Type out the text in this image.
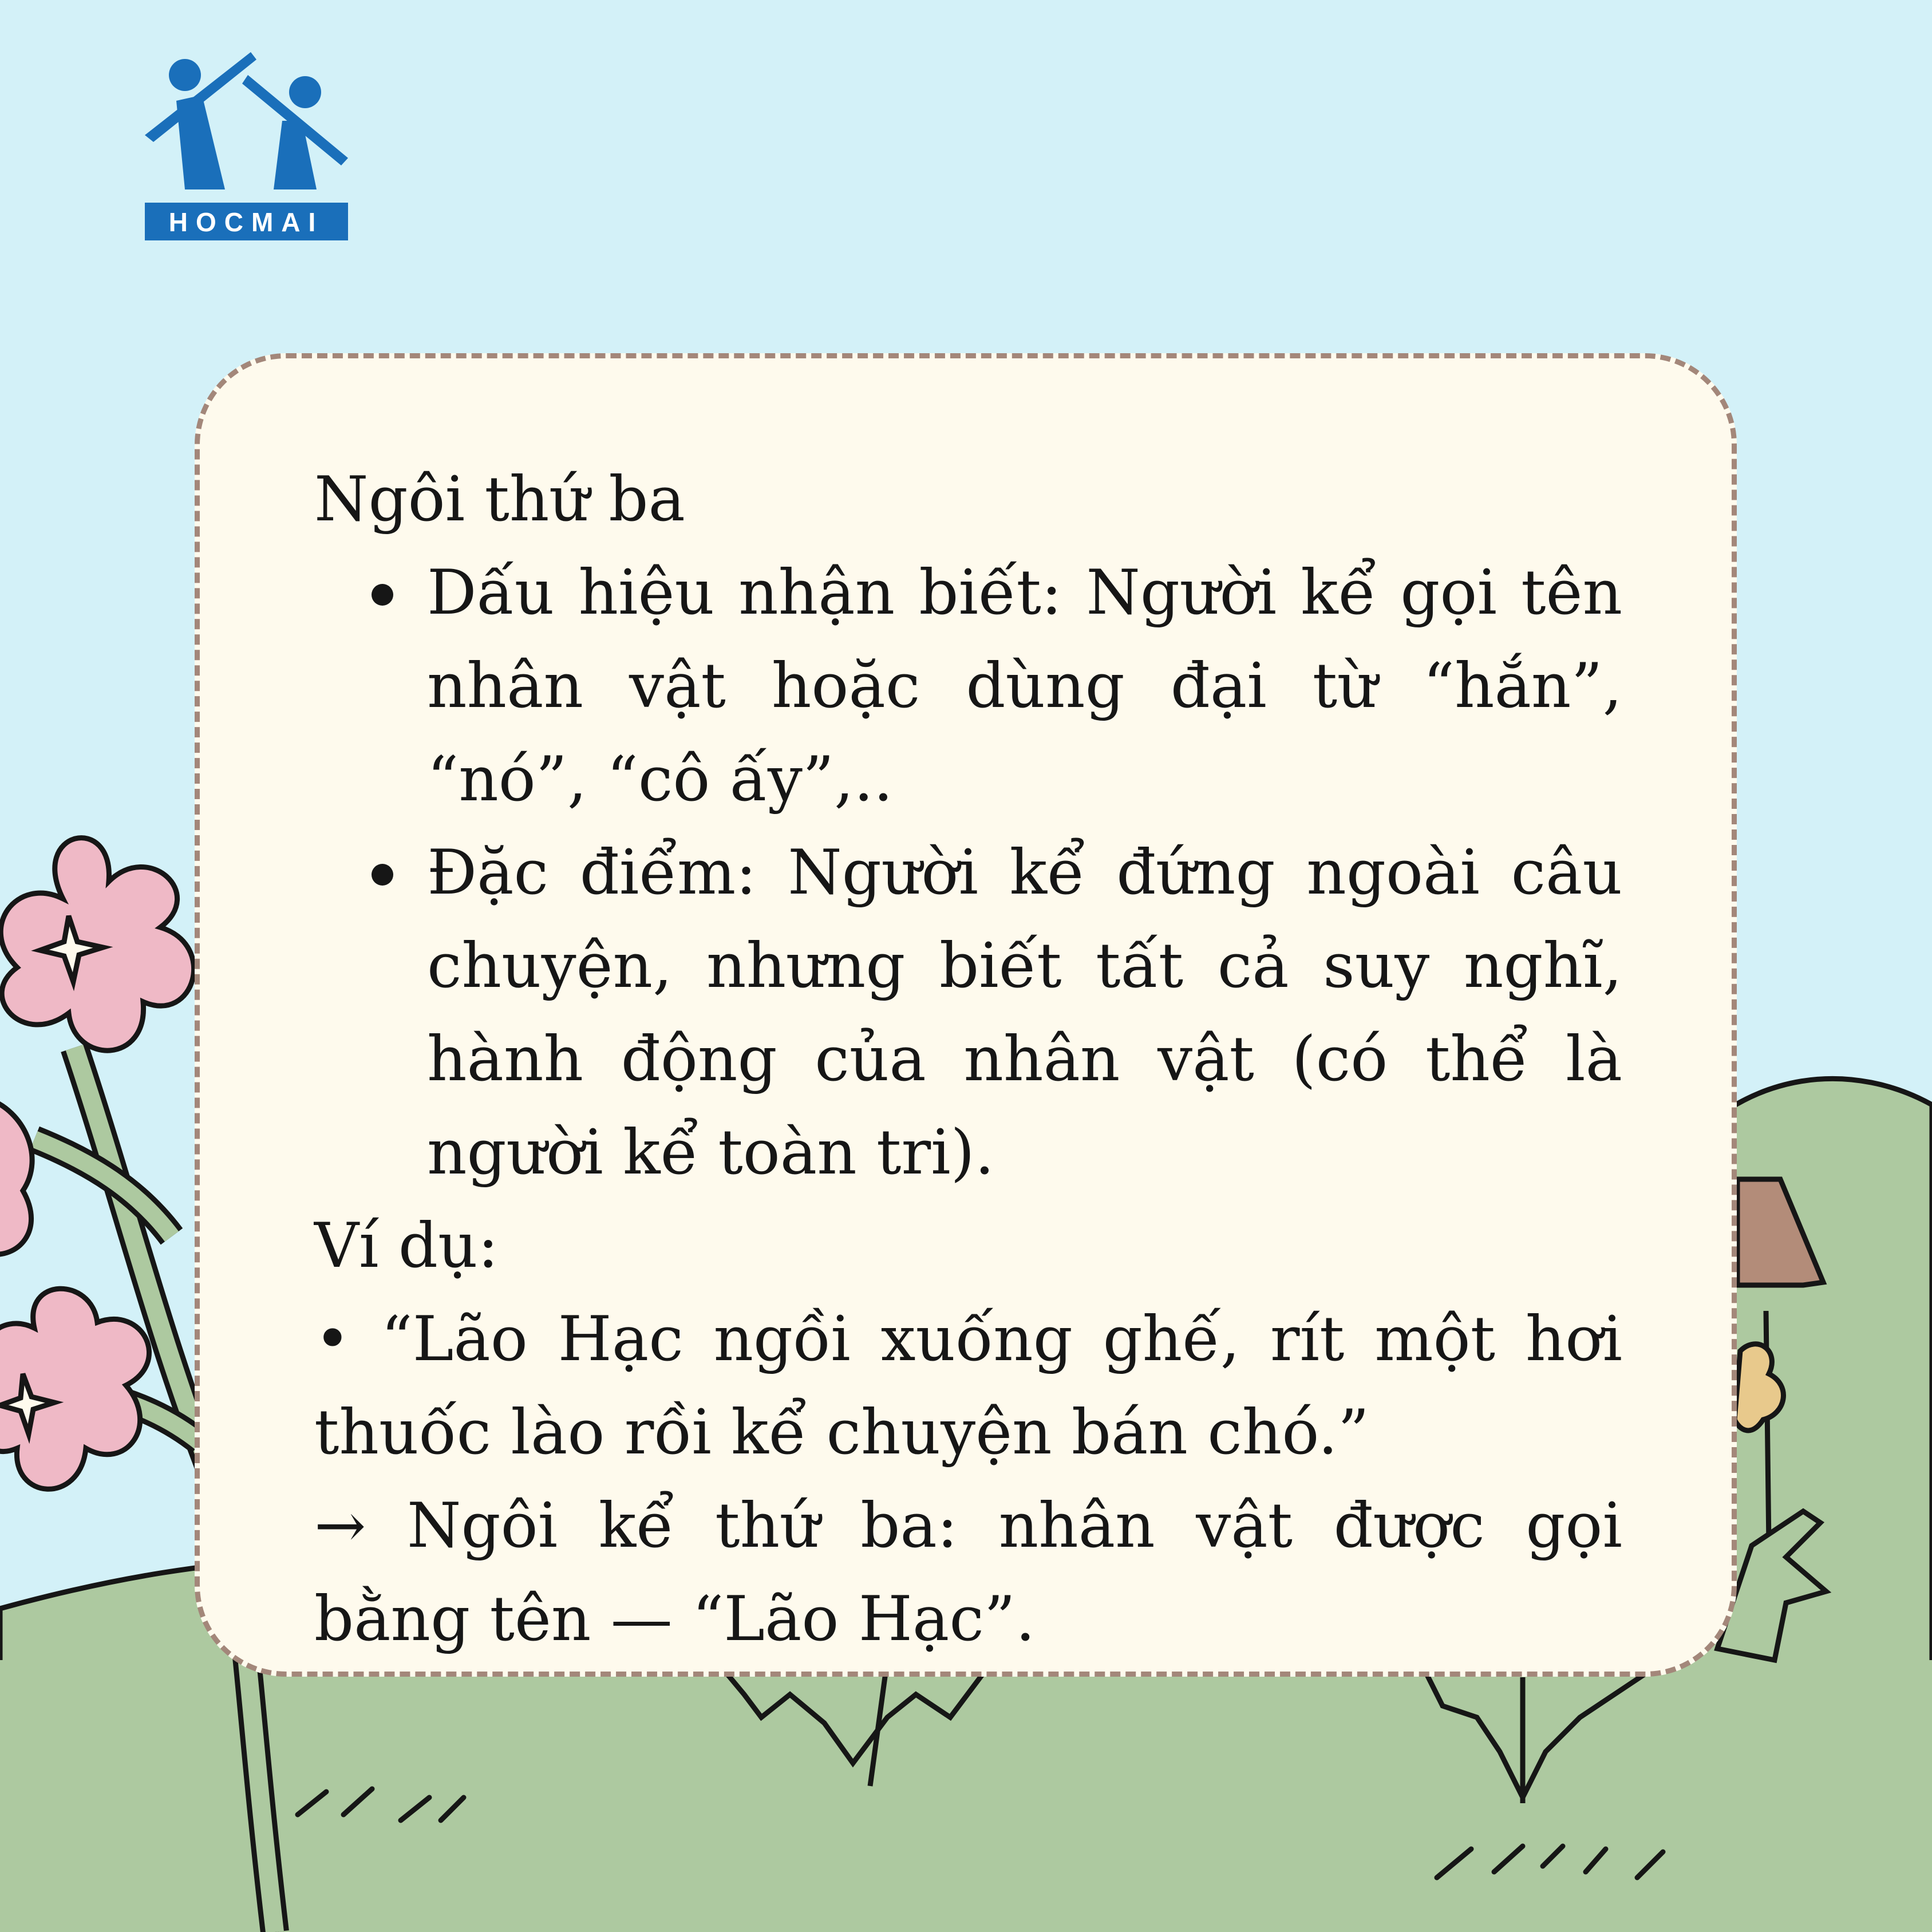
HOCMAI

Ngôi thứ ba

Dấu hiệu nhận biết: Người kể gọi tên nhân vật hoặc dùng đại từ “hắn”, “nó”, “cô ấy”,..
Đặc điểm: Người kể đứng ngoài câu chuyện, nhưng biết tất cả suy nghĩ, hành động của nhân vật (có thể là người kể toàn tri).

Ví dụ:

• “Lão Hạc ngồi xuống ghế, rít một hơi thuốc lào rồi kể chuyện bán chó.”

→ Ngôi kể thứ ba: nhân vật được gọi bằng tên — “Lão Hạc”.
